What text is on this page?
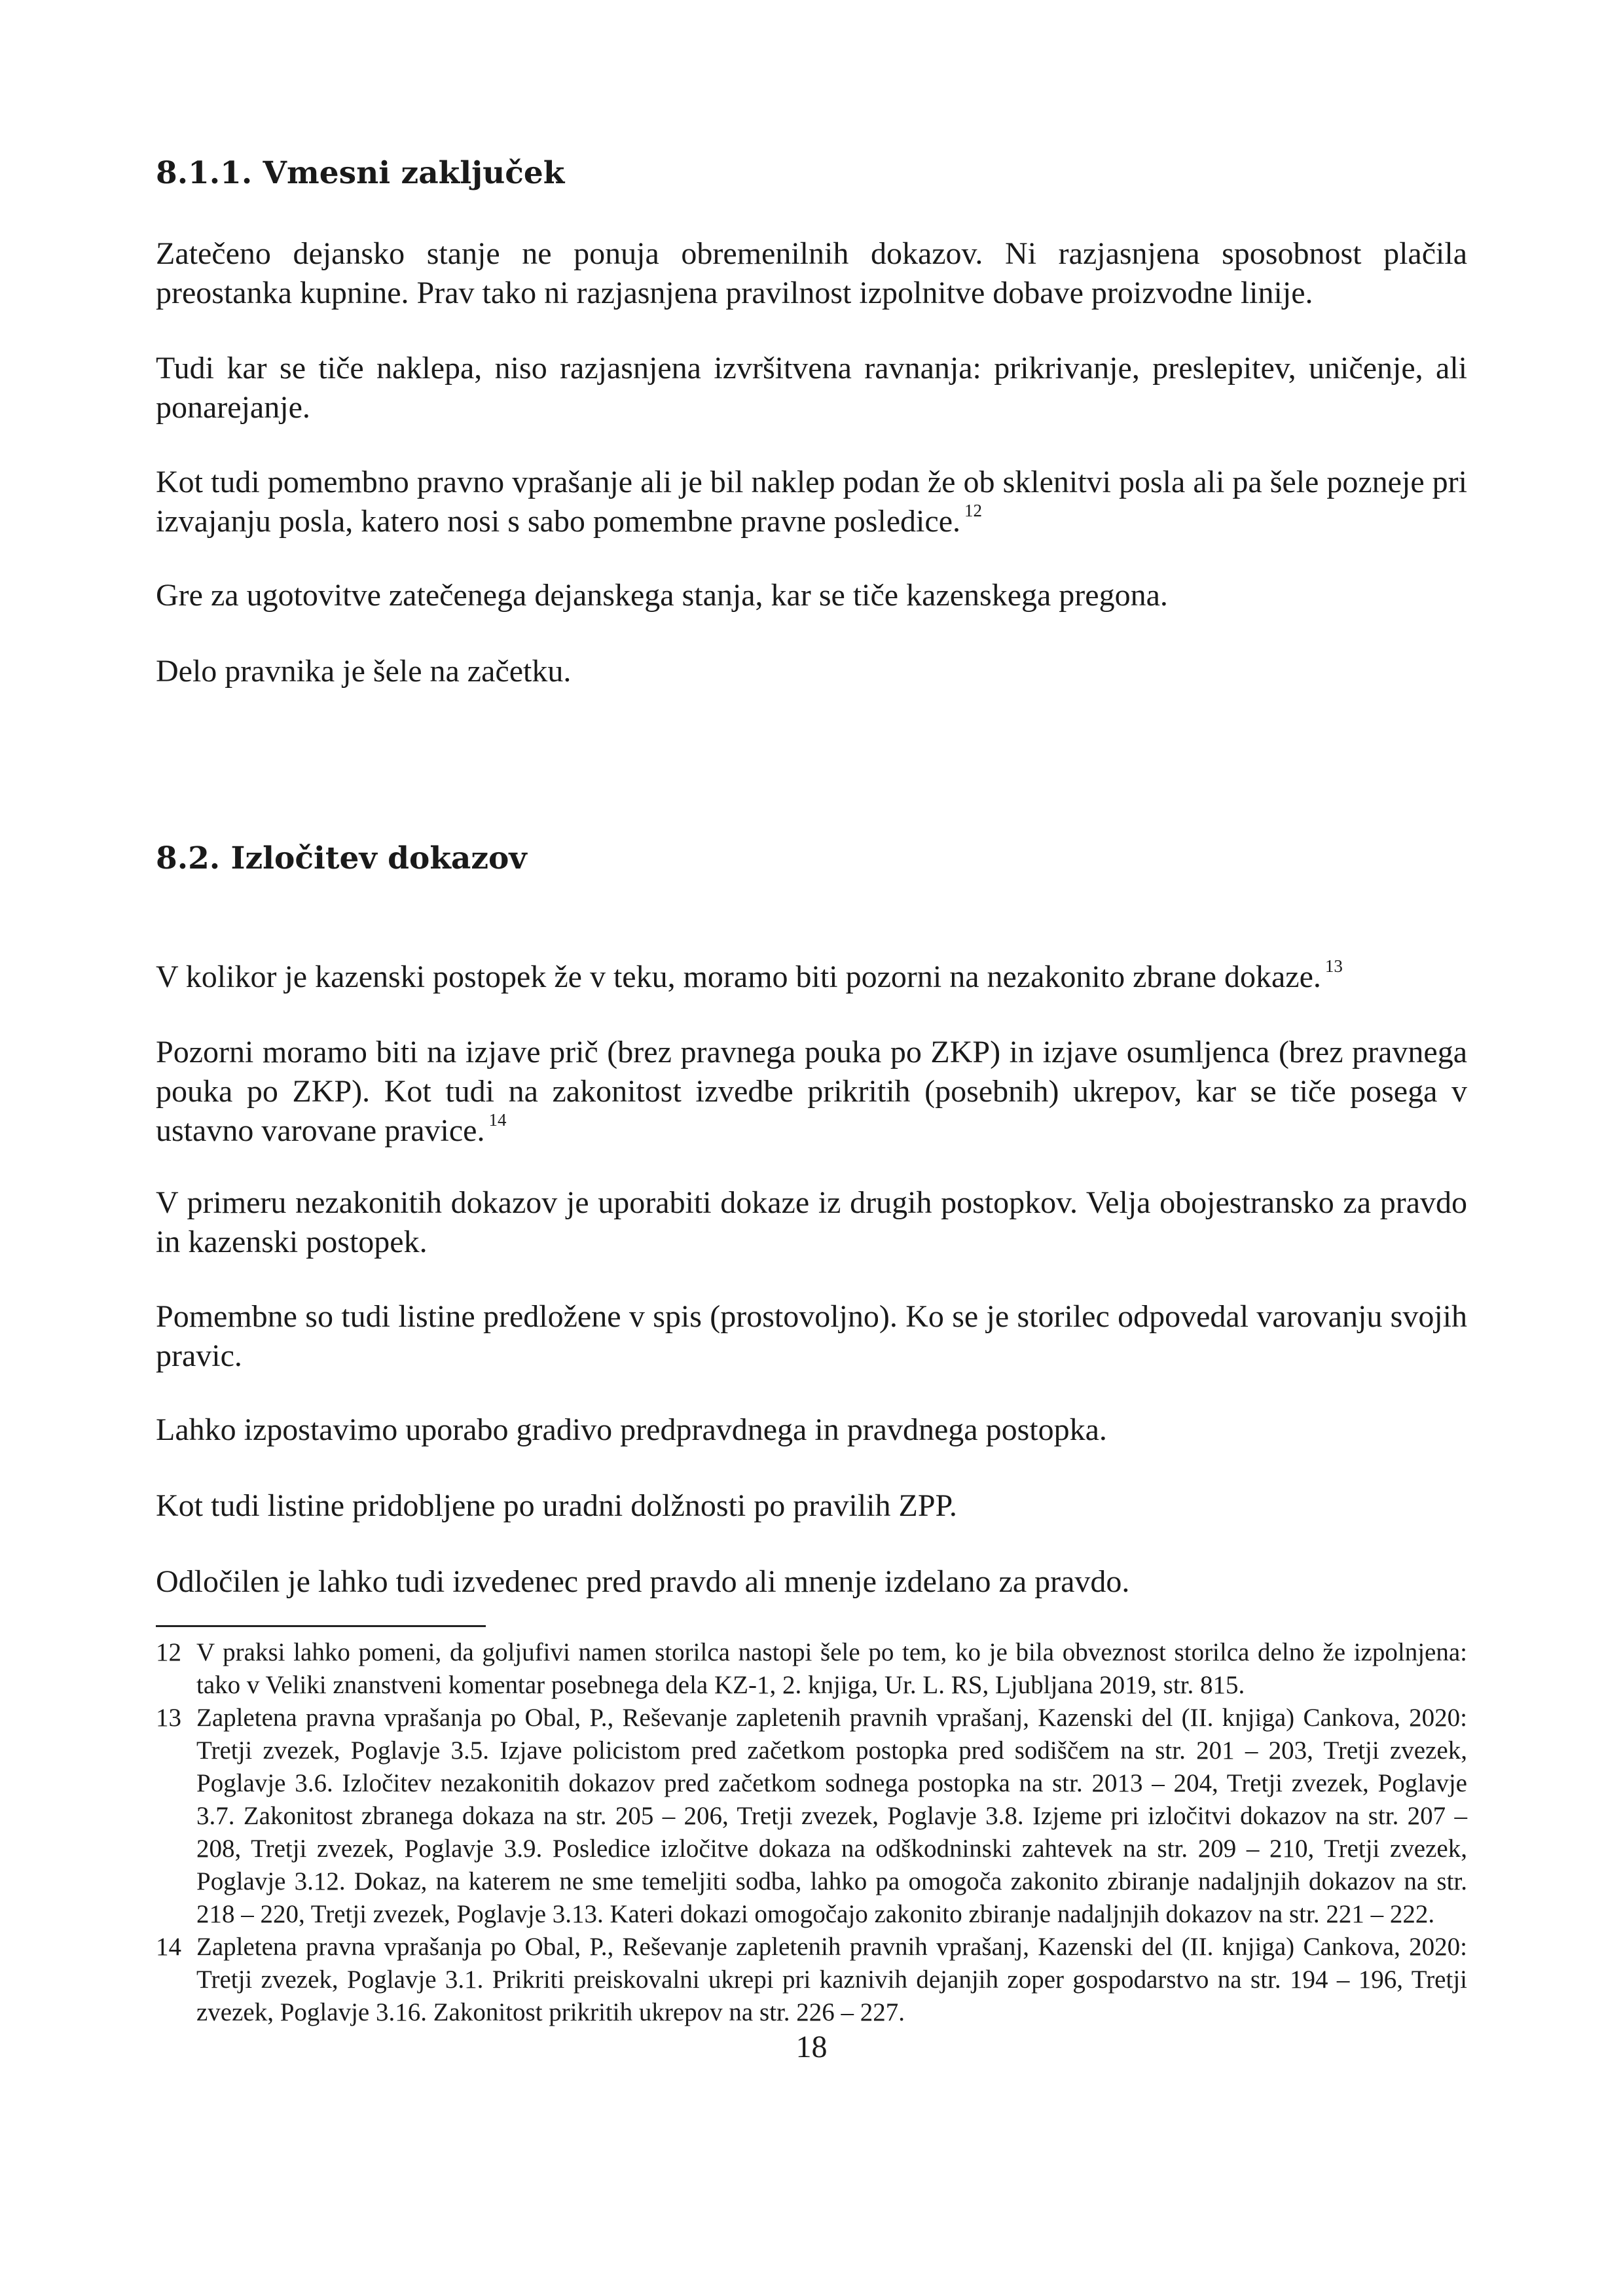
8.1.1. Vmesni zaključek

Zatečeno dejansko stanje ne ponuja obremenilnih dokazov. Ni razjasnjena sposobnost plačila preostanka kupnine. Prav tako ni razjasnjena pravilnost izpolnitve dobave proizvodne linije.

Tudi kar se tiče naklepa, niso razjasnjena izvršitvena ravnanja: prikrivanje, preslepitev, uničenje, ali ponarejanje.

Kot tudi pomembno pravno vprašanje ali je bil naklep podan že ob sklenitvi posla ali pa šele pozneje pri izvajanju posla, katero nosi s sabo pomembne pravne posledice. $^{12}$

Gre za ugotovitve zatečenega dejanskega stanja, kar se tiče kazenskega pregona.

Delo pravnika je šele na začetku.

8.2. Izločitev dokazov

V kolikor je kazenski postopek že v teku, moramo biti pozorni na nezakonito zbrane dokaze. $^{13}$

Pozorni moramo biti na izjave prič (brez pravnega pouka po ZKP) in izjave osumljenca (brez pravnega pouka po ZKP). Kot tudi na zakonitost izvedbe prikritih (posebnih) ukrepov, kar se tiče posega v ustavno varovane pravice. $^{14}$

V primeru nezakonitih dokazov je uporabiti dokaze iz drugih postopkov. Velja obojestransko za pravdo in kazenski postopek.

Pomembne so tudi listine predložene v spis (prostovoljno). Ko se je storilec odpovedal varovanju svojih pravic.

Lahko izpostavimo uporabo gradivo predpravdnega in pravdnega postopka.

Kot tudi listine pridobljene po uradni dolžnosti po pravilih ZPP.

Odločilen je lahko tudi izvedenec pred pravdo ali mnenje izdelano za pravdo.

12 V praksi lahko pomeni, da goljufivi namen storilca nastopi šele po tem, ko je bila obveznost storilca delno že izpolnjena: tako v Veliki znanstveni komentar posebnega dela KZ-1, 2. knjiga, Ur. L. RS, Ljubljana 2019, str. 815.
13 Zapletena pravna vprašanja po Obal, P., Reševanje zapletenih pravnih vprašanj, Kazenski del (II. knjiga) Cankova, 2020: Tretji zvezek, Poglavje 3.5. Izjave policistom pred začetkom postopka pred sodiščem na str. 201 – 203, Tretji zvezek, Poglavje 3.6. Izločitev nezakonitih dokazov pred začetkom sodnega postopka na str. 2013 – 204, Tretji zvezek, Poglavje 3.7. Zakonitost zbranega dokaza na str. 205 – 206, Tretji zvezek, Poglavje 3.8. Izjeme pri izločitvi dokazov na str. 207 – 208, Tretji zvezek, Poglavje 3.9. Posledice izločitve dokaza na odškodninski zahtevek na str. 209 – 210, Tretji zvezek, Poglavje 3.12. Dokaz, na katerem ne sme temeljiti sodba, lahko pa omogoča zakonito zbiranje nadaljnjih dokazov na str. 218 – 220, Tretji zvezek, Poglavje 3.13. Kateri dokazi omogočajo zakonito zbiranje nadaljnjih dokazov na str. 221 – 222.
14 Zapletena pravna vprašanja po Obal, P., Reševanje zapletenih pravnih vprašanj, Kazenski del (II. knjiga) Cankova, 2020: Tretji zvezek, Poglavje 3.1. Prikriti preiskovalni ukrepi pri kaznivih dejanjih zoper gospodarstvo na str. 194 – 196, Tretji zvezek, Poglavje 3.16. Zakonitost prikritih ukrepov na str. 226 – 227.
18
